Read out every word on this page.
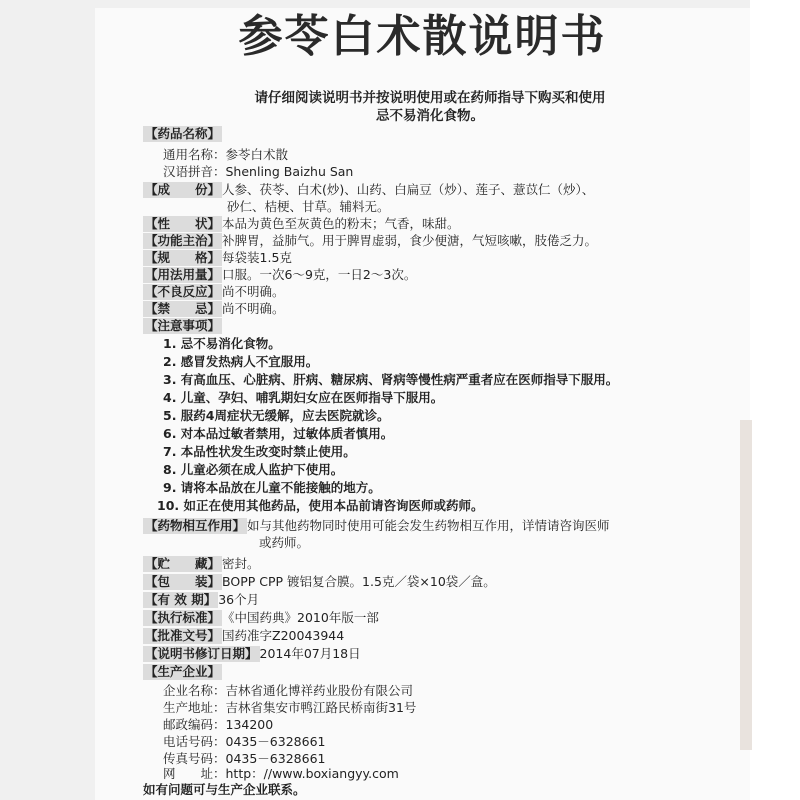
参苓白术散说明书
请仔细阅读说明书并按说明使用或在药师指导下购买和使用
忌不易消化食物。
【药品名称】
通用名称：参苓白术散
汉语拼音：Shenling Baizhu San
【成　　份】 人参、茯苓、白术(炒)、山药、白扁豆（炒）、莲子、薏苡仁（炒）、
砂仁、桔梗、甘草。辅料无。
【性　　状】 本品为黄色至灰黄色的粉末；气香，味甜。
【功能主治】 补脾胃，益肺气。用于脾胃虚弱，食少便溏，气短咳嗽，肢倦乏力。
【规　　格】 每袋装1.5克
【用法用量】 口服。一次6～9克，一日2～3次。
【不良反应】 尚不明确。
【禁　　忌】 尚不明确。
【注意事项】
1. 忌不易消化食物。
2. 感冒发热病人不宜服用。
3. 有高血压、心脏病、肝病、糖尿病、肾病等慢性病严重者应在医师指导下服用。
4. 儿童、孕妇、哺乳期妇女应在医师指导下服用。
5. 服药4周症状无缓解，应去医院就诊。
6. 对本品过敏者禁用，过敏体质者慎用。
7. 本品性状发生改变时禁止使用。
8. 儿童必须在成人监护下使用。
9. 请将本品放在儿童不能接触的地方。
10. 如正在使用其他药品，使用本品前请咨询医师或药师。
【药物相互作用】 如与其他药物同时使用可能会发生药物相互作用，详情请咨询医师
或药师。
【贮　　藏】 密封。
【包　　装】 BOPP CPP 镀铝复合膜。1.5克／袋×10袋／盒。
【有 效 期】 36个月
【执行标准】 《中国药典》2010年版一部
【批准文号】 国药准字Z20043944
【说明书修订日期】 2014年07月18日
【生产企业】
企业名称：吉林省通化博祥药业股份有限公司
生产地址：吉林省集安市鸭江路民桥南街31号
邮政编码：134200
电话号码：0435－6328661
传真号码：0435－6328661
网　　址：http：//www.boxiangyy.com
如有问题可与生产企业联系。
